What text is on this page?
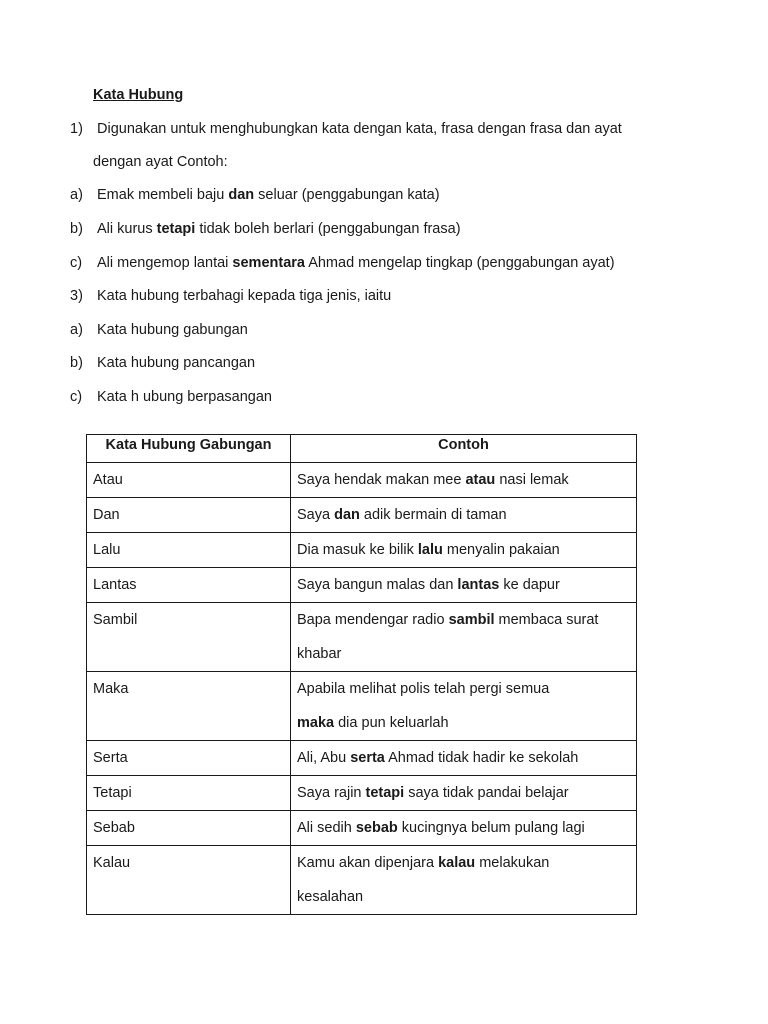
Kata Hubung
1) Digunakan untuk menghubungkan kata dengan kata, frasa dengan frasa dan ayat
dengan ayat Contoh:
a) Emak membeli baju dan seluar (penggabungan kata)
b) Ali kurus tetapi tidak boleh berlari (penggabungan frasa)
c) Ali mengemop lantai sementara Ahmad mengelap tingkap (penggabungan ayat)
3) Kata hubung terbahagi kepada tiga jenis, iaitu
a) Kata hubung gabungan
b) Kata hubung pancangan
c) Kata h ubung berpasangan
Kata Hubung Gabungan	Contoh
Atau	Saya hendak makan mee atau nasi lemak
Dan	Saya dan adik bermain di taman
Lalu	Dia masuk ke bilik lalu menyalin pakaian
Lantas	Saya bangun malas dan lantas ke dapur
Sambil	Bapa mendengar radio sambil membaca surat
khabar
Maka	Apabila melihat polis telah pergi semua
maka dia pun keluarlah
Serta	Ali, Abu serta Ahmad tidak hadir ke sekolah
Tetapi	Saya rajin tetapi saya tidak pandai belajar
Sebab	Ali sedih sebab kucingnya belum pulang lagi
Kalau	Kamu akan dipenjara kalau melakukan
kesalahan
